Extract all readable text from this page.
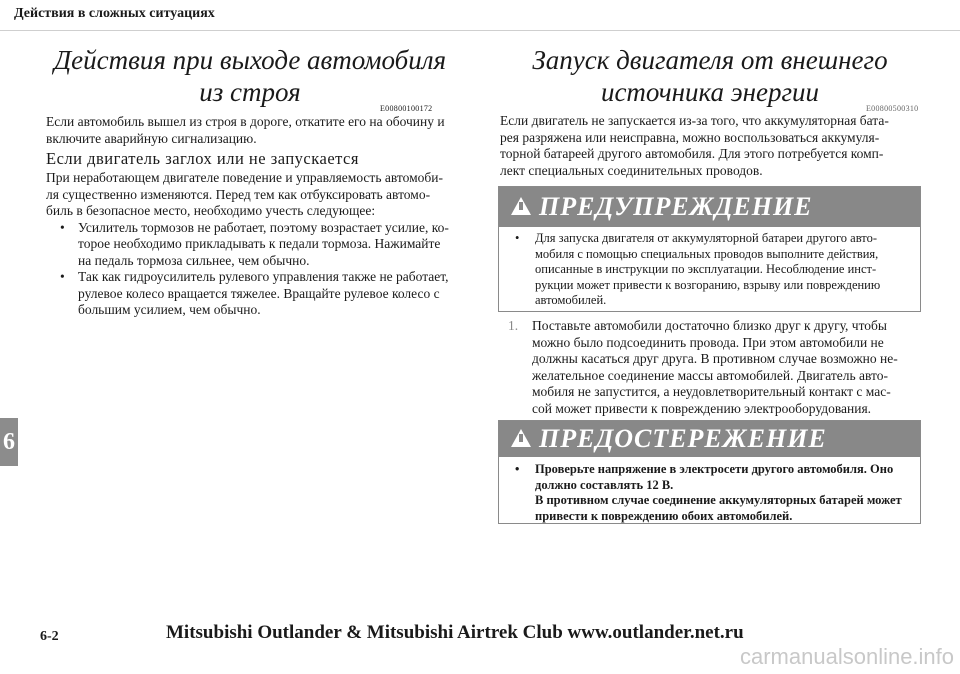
Действия в сложных ситуациях
Действия при выходе автомобиля
из строя
E00800100172
Если автомобиль вышел из строя в дороге, откатите его на обочину и
включите аварийную сигнализацию.
Если двигатель заглох или не запускается
При неработающем двигателе поведение и управляемость автомоби-
ля существенно изменяются. Перед тем как отбуксировать автомо-
биль в безопасное место, необходимо учесть следующее:
• Усилитель тормозов не работает, поэтому возрастает усилие, ко-
торое необходимо прикладывать к педали тормоза. Нажимайте
на педаль тормоза сильнее, чем обычно.
• Так как гидроусилитель рулевого управления также не работает,
рулевое колесо вращается тяжелее. Вращайте рулевое колесо с
большим усилием, чем обычно.
Запуск двигателя от внешнего
источника энергии
E00800500310
Если двигатель не запускается из-за того, что аккумуляторная бата-
рея разряжена или неисправна, можно воспользоваться аккумуля-
торной батареей другого автомобиля. Для этого потребуется комп-
лект специальных соединительных проводов.
ПРЕДУПРЕЖДЕНИЕ
•	Для запуска двигателя от аккумуляторной батареи другого авто-
мобиля с помощью специальных проводов выполните действия,
описанные в инструкции по эксплуатации. Несоблюдение инст-
рукции может привести к возгоранию, взрыву или повреждению
автомобилей.
1.	Поставьте автомобили достаточно близко друг к другу, чтобы
можно было подсоединить провода. При этом автомобили не
должны касаться друг друга. В противном случае возможно не-
желательное соединение массы автомобилей. Двигатель авто-
мобиля не запустится, а неудовлетворительный контакт с мас-
сой может привести к повреждению электрооборудования.
ПРЕДОСТЕРЕЖЕНИЕ
•	Проверьте напряжение в электросети другого автомобиля. Оно
должно составлять 12 В.
В противном случае соединение аккумуляторных батарей может
привести к повреждению обоих автомобилей.
6
6-2	Mitsubishi Outlander & Mitsubishi Airtrek Club www.outlander.net.ru
carmanualsonline.info
